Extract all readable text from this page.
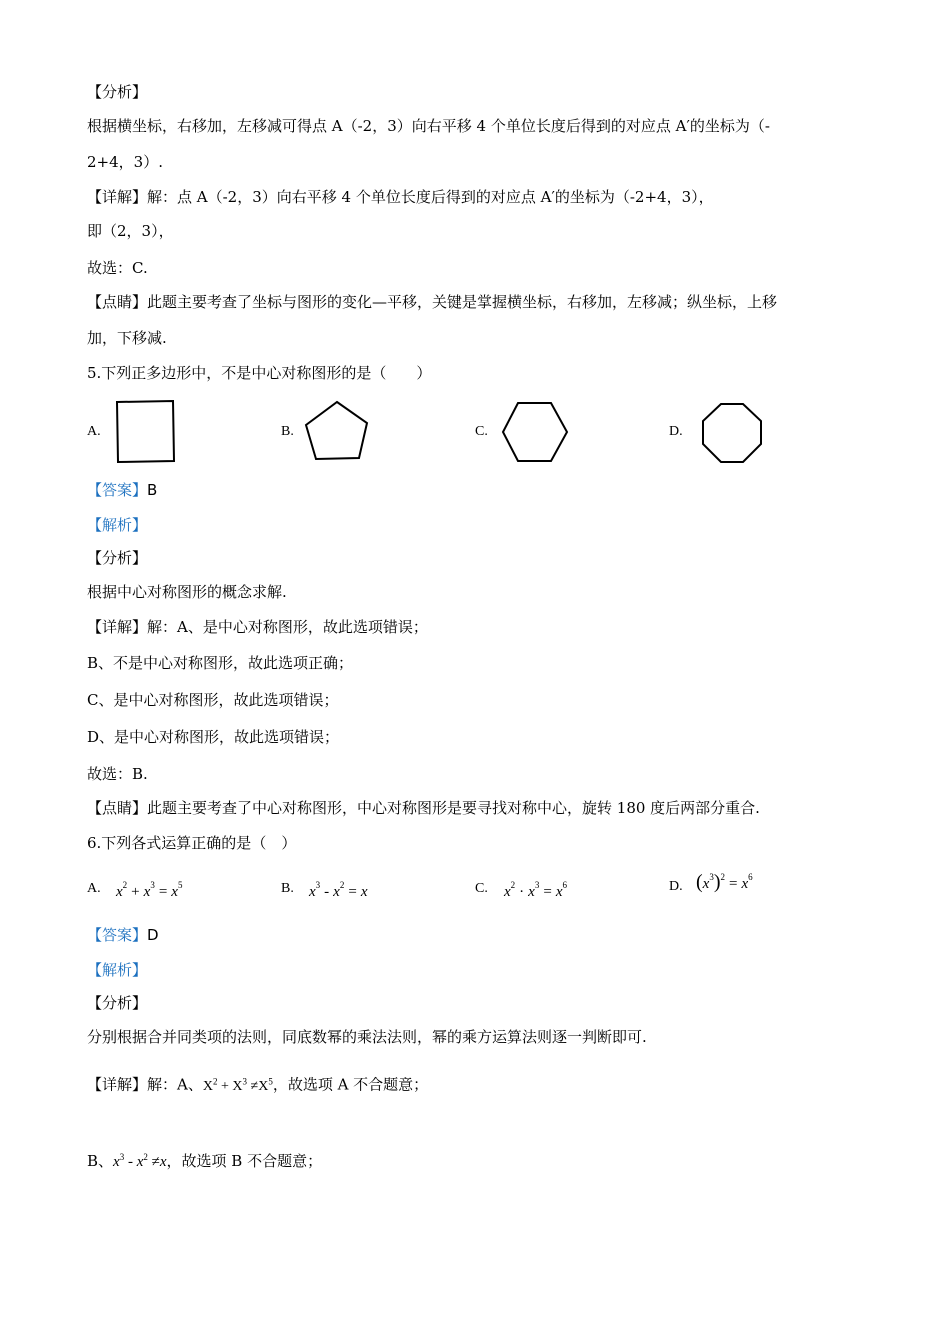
【分析】
根据横坐标，右移加，左移减可得点 A（-2，3）向右平移 4 个单位长度后得到的对应点 A′的坐标为（-
2+4，3）.
【详解】解：点 A（-2，3）向右平移 4 个单位长度后得到的对应点 A′的坐标为（-2+4，3），
即（2，3），
故选：C.
【点睛】此题主要考查了坐标与图形的变化—平移，关键是掌握横坐标，右移加，左移减；纵坐标，上移
加，下移减.
5.下列正多边形中，不是中心对称图形的是（　　）
A.	B.	C.	D.
【答案】B
【解析】
【分析】
根据中心对称图形的概念求解.
【详解】解：A、是中心对称图形，故此选项错误；
B、不是中心对称图形，故此选项正确；
C、是中心对称图形，故此选项错误；
D、是中心对称图形，故此选项错误；
故选：B.
【点睛】此题主要考查了中心对称图形，中心对称图形是要寻找对称中心，旋转 180 度后两部分重合.
6.下列各式运算正确的是（　）
A. $x^2 + x^3 = x^5$	B. $x^3 - x^2 = x$	C. $x^2 \cdot x^3 = x^6$	D. $(x^3)^2 = x^6$
【答案】D
【解析】
【分析】
分别根据合并同类项的法则，同底数幂的乘法法则，幂的乘方运算法则逐一判断即可.
【详解】解：A、$X^2 + X^3 \ne X^5$，故选项 A 不合题意；
B、$x^3 - x^2 \ne x$，故选项 B 不合题意；
